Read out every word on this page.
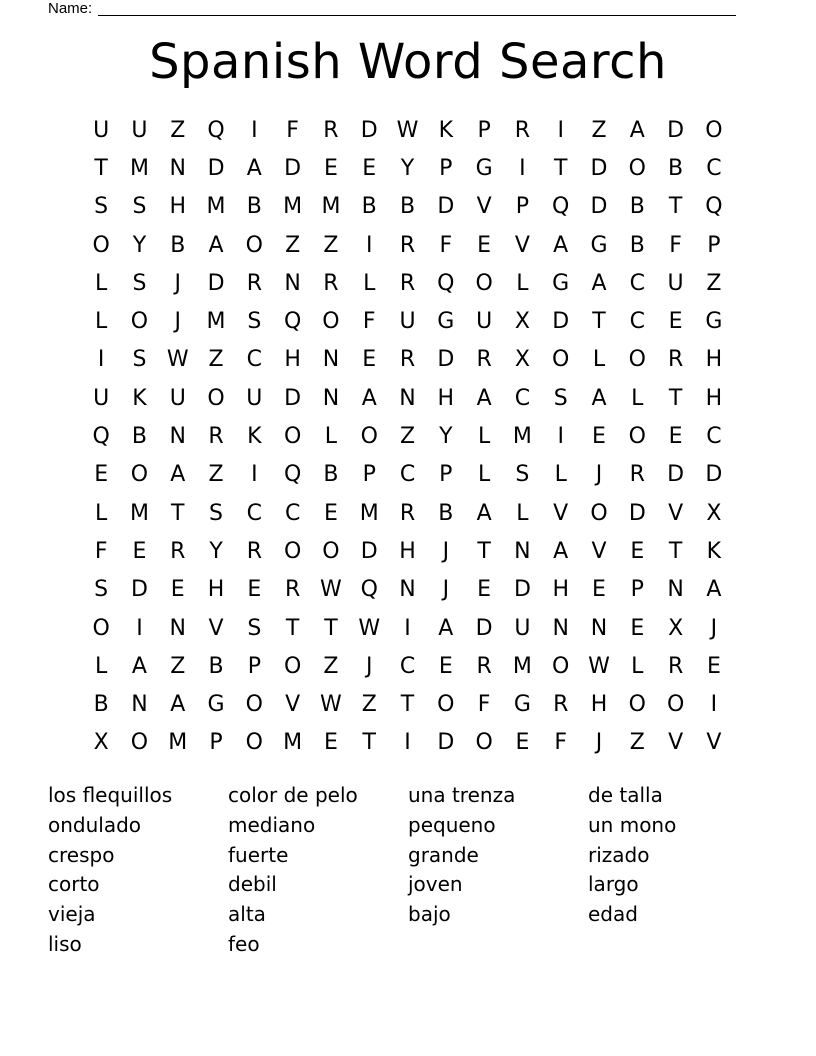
Name:
Spanish Word Search
U	U	Z	Q	I	F	R	D W K	P	R	I	Z	A	D O
T	M N D	A	D	E	E	Y	P	G	I	T	D O	B	C
S	S	H M B M M B	B	D	V	P	Q D	B	T	Q
O	Y	B	A	O	Z	Z	I	R	F	E	V	A	G	B	F	P
L	S	J	D	R	N	R	L	R Q O	L	G	A	C	U	Z
L	O	J	M S	Q O	F	U G U	X	D	T	C	E	G
I	S W Z	C	H N	E	R	D	R	X	O	L	O R	H
U	K	U O U D N	A	N H	A	C	S	A	L	T	H
Q	B	N	R	K	O	L	O	Z	Y	L	M	I	E	O	E	C
E	O	A	Z	I	Q	B	P	C	P	L	S	L	J	R	D D
L	M	T	S	C	C	E M R	B	A	L	V	O D	V	X
F	E	R	Y	R O O D H	J	T	N	A	V	E	T	K
S	D	E	H	E	R W Q N	J	E	D H	E	P	N	A
O	I	N	V	S	T	T W	I	A	D U	N N	E	X	J
L	A	Z	B	P	O	Z	J	C	E	R M O W L	R	E
B	N	A	G O	V W Z	T	O	F	G	R	H O O	I
X	O M	P	O M E	T	I	D O	E	F	J	Z	V	V
los flequillos	color de pelo	una trenza	de talla
ondulado	mediano	pequeno	un mono
crespo	fuerte	grande	rizado
corto	debil	joven	largo
vieja	alta	bajo	edad
liso	feo
